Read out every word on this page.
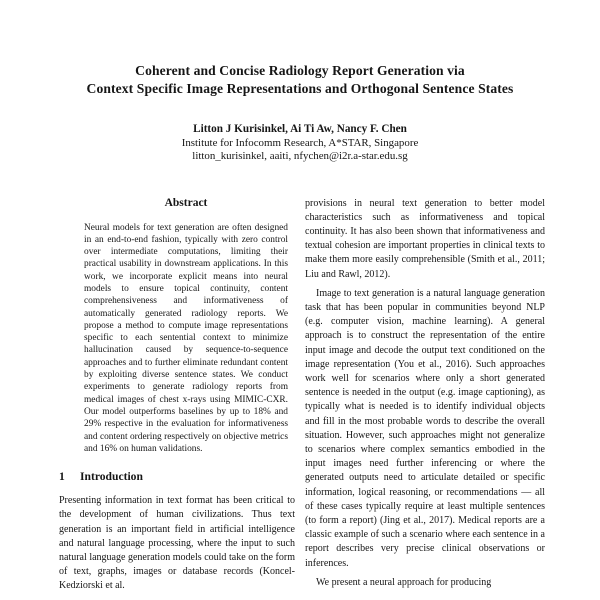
Coherent and Concise Radiology Report Generation via
Context Specific Image Representations and Orthogonal Sentence States
Litton J Kurisinkel, Ai Ti Aw, Nancy F. Chen
Institute for Infocomm Research, A*STAR, Singapore
litton_kurisinkel, aaiti, nfychen@i2r.a-star.edu.sg
Abstract

Neural models for text generation are often designed in an end-to-end fashion, typically with zero control over intermediate computations, limiting their practical usability in downstream applications. In this work, we incorporate explicit means into neural models to ensure topical continuity, content comprehensiveness and informativeness of automatically generated radiology reports. We propose a method to compute image representations specific to each sentential context to minimize hallucination caused by sequence-to-sequence approaches and to further eliminate redundant content by exploiting diverse sentence states. We conduct experiments to generate radiology reports from medical images of chest x-rays using MIMIC-CXR. Our model outperforms baselines by up to 18% and 29% respective in the evaluation for informativeness and content ordering respectively on objective metrics and 16% on human validations.

1 Introduction

Presenting information in text format has been critical to the development of human civilizations. Thus text generation is an important field in artificial intelligence and natural language processing, where the input to such natural language generation models could take on the form of text, graphs, images or database records (Koncel-Kedziorski et al.

provisions in neural text generation to better model characteristics such as informativeness and topical continuity. It has also been shown that informativeness and textual cohesion are important properties in clinical texts to make them more easily comprehensible (Smith et al., 2011; Liu and Rawl, 2012).

Image to text generation is a natural language generation task that has been popular in communities beyond NLP (e.g. computer vision, machine learning). A general approach is to construct the representation of the entire input image and decode the output text conditioned on the image representation (You et al., 2016). Such approaches work well for scenarios where only a short generated sentence is needed in the output (e.g. image captioning), as typically what is needed is to identify individual objects and fill in the most probable words to describe the overall situation. However, such approaches might not generalize to scenarios where complex semantics embodied in the input images need further inferencing or where the generated outputs need to articulate detailed or specific information, logical reasoning, or recommendations — all of these cases typically require at least multiple sentences (to form a report) (Jing et al., 2017). Medical reports are a classic example of such a scenario where each sentence in a report describes very precise clinical observations or inferences.

We present a neural approach for producing
